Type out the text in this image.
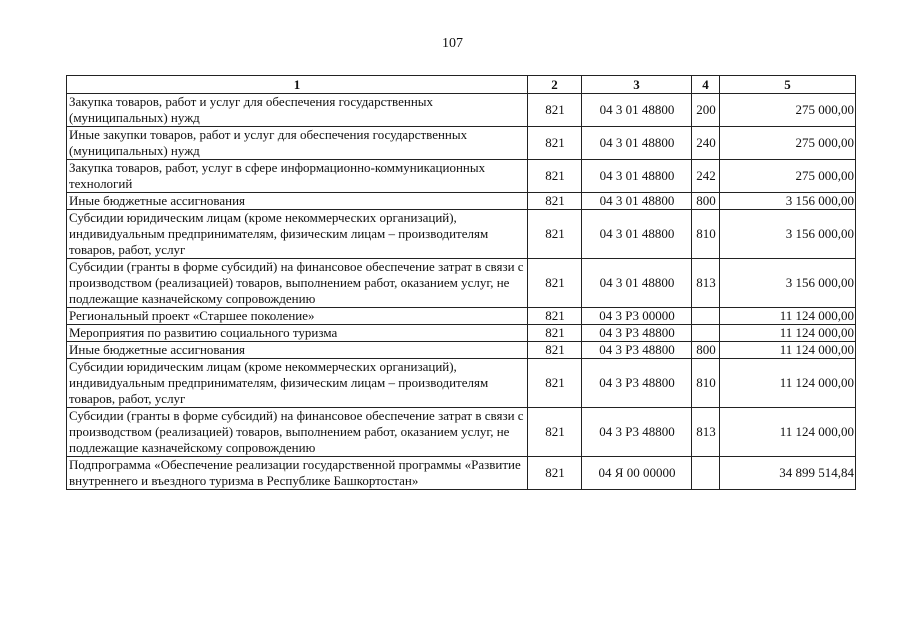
107
1	2	3	4	5
Закупка товаров, работ и услуг для обеспечения государственных (муниципальных) нужд	821	04 3 01 48800	200	275 000,00
Иные закупки товаров, работ и услуг для обеспечения государственных (муниципальных) нужд	821	04 3 01 48800	240	275 000,00
Закупка товаров, работ, услуг в сфере информационно-коммуникационных технологий	821	04 3 01 48800	242	275 000,00
Иные бюджетные ассигнования	821	04 3 01 48800	800	3 156 000,00
Субсидии юридическим лицам (кроме некоммерческих организаций), индивидуальным предпринимателям, физическим лицам – производителям товаров, работ, услуг	821	04 3 01 48800	810	3 156 000,00
Субсидии (гранты в форме субсидий) на финансовое обеспечение затрат в связи с производством (реализацией) товаров, выполнением работ, оказанием услуг, не подлежащие казначейскому сопровождению	821	04 3 01 48800	813	3 156 000,00
Региональный проект «Старшее поколение»	821	04 3 P3 00000		11 124 000,00
Мероприятия по развитию социального туризма	821	04 3 P3 48800		11 124 000,00
Иные бюджетные ассигнования	821	04 3 P3 48800	800	11 124 000,00
Субсидии юридическим лицам (кроме некоммерческих организаций), индивидуальным предпринимателям, физическим лицам – производителям товаров, работ, услуг	821	04 3 P3 48800	810	11 124 000,00
Субсидии (гранты в форме субсидий) на финансовое обеспечение затрат в связи с производством (реализацией) товаров, выполнением работ, оказанием услуг, не подлежащие казначейскому сопровождению	821	04 3 P3 48800	813	11 124 000,00
Подпрограмма «Обеспечение реализации государственной программы «Развитие внутреннего и въездного туризма в Республике Башкортостан»	821	04 Я 00 00000		34 899 514,84
